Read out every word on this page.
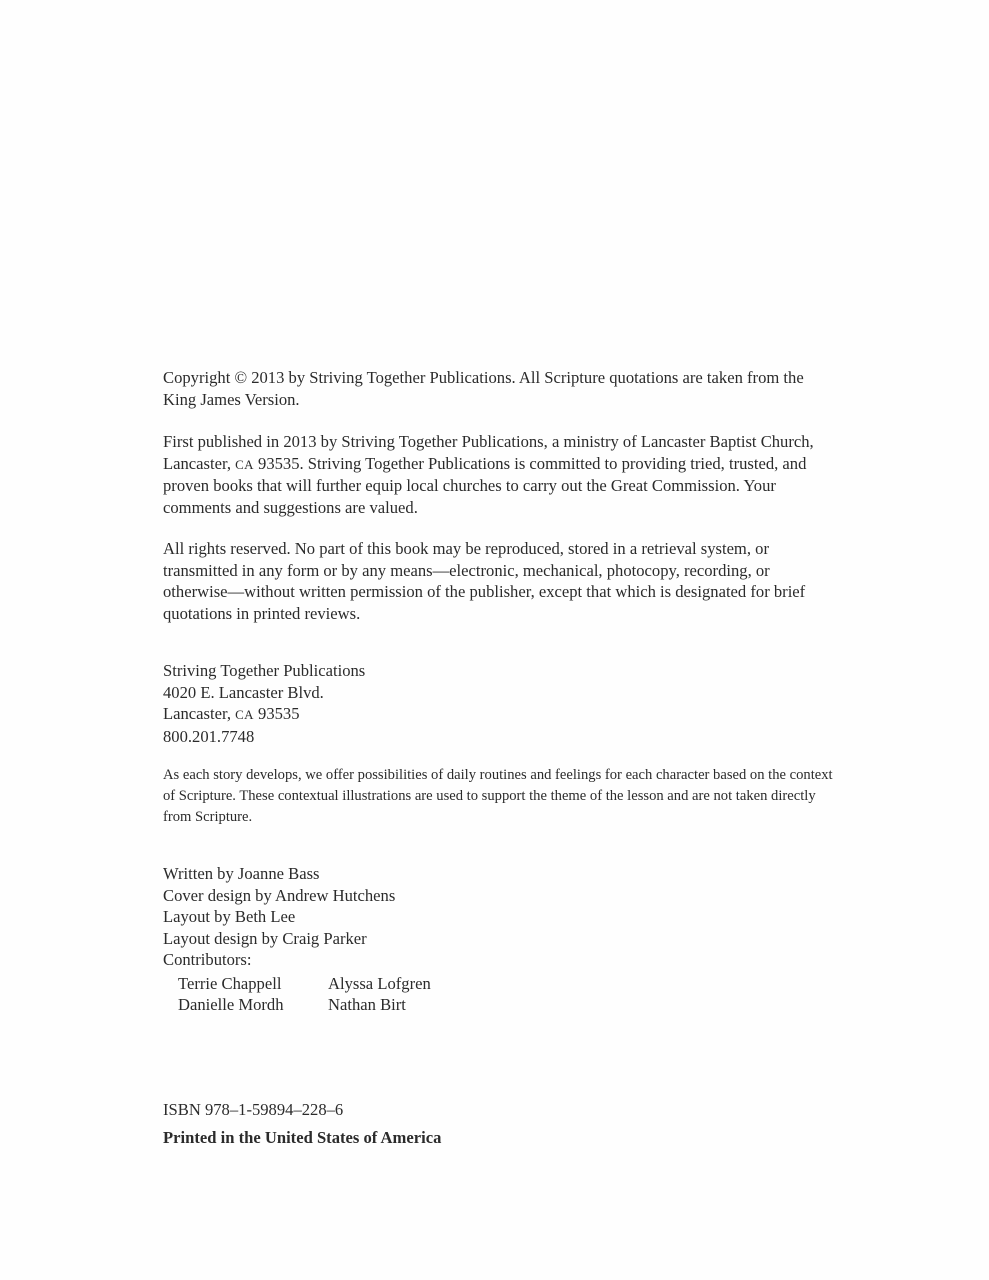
Copyright © 2013 by Striving Together Publications. All Scripture quotations are taken from the King James Version.

First published in 2013 by Striving Together Publications, a ministry of Lancaster Baptist Church, Lancaster, CA 93535. Striving Together Publications is committed to providing tried, trusted, and proven books that will further equip local churches to carry out the Great Commission. Your comments and suggestions are valued.

All rights reserved. No part of this book may be reproduced, stored in a retrieval system, or transmitted in any form or by any means—electronic, mechanical, photocopy, recording, or otherwise—without written permission of the publisher, except that which is designated for brief quotations in printed reviews.

Striving Together Publications
4020 E. Lancaster Blvd.
Lancaster, CA 93535
800.201.7748

As each story develops, we offer possibilities of daily routines and feelings for each character based on the context of Scripture. These contextual illustrations are used to support the theme of the lesson and are not taken directly from Scripture.

Written by Joanne Bass
Cover design by Andrew Hutchens
Layout by Beth Lee
Layout design by Craig Parker
Contributors:
Terrie Chappell	Alyssa Lofgren
Danielle Mordh	Nathan Birt
ISBN 978–1-59894–228–6
Printed in the United States of America
